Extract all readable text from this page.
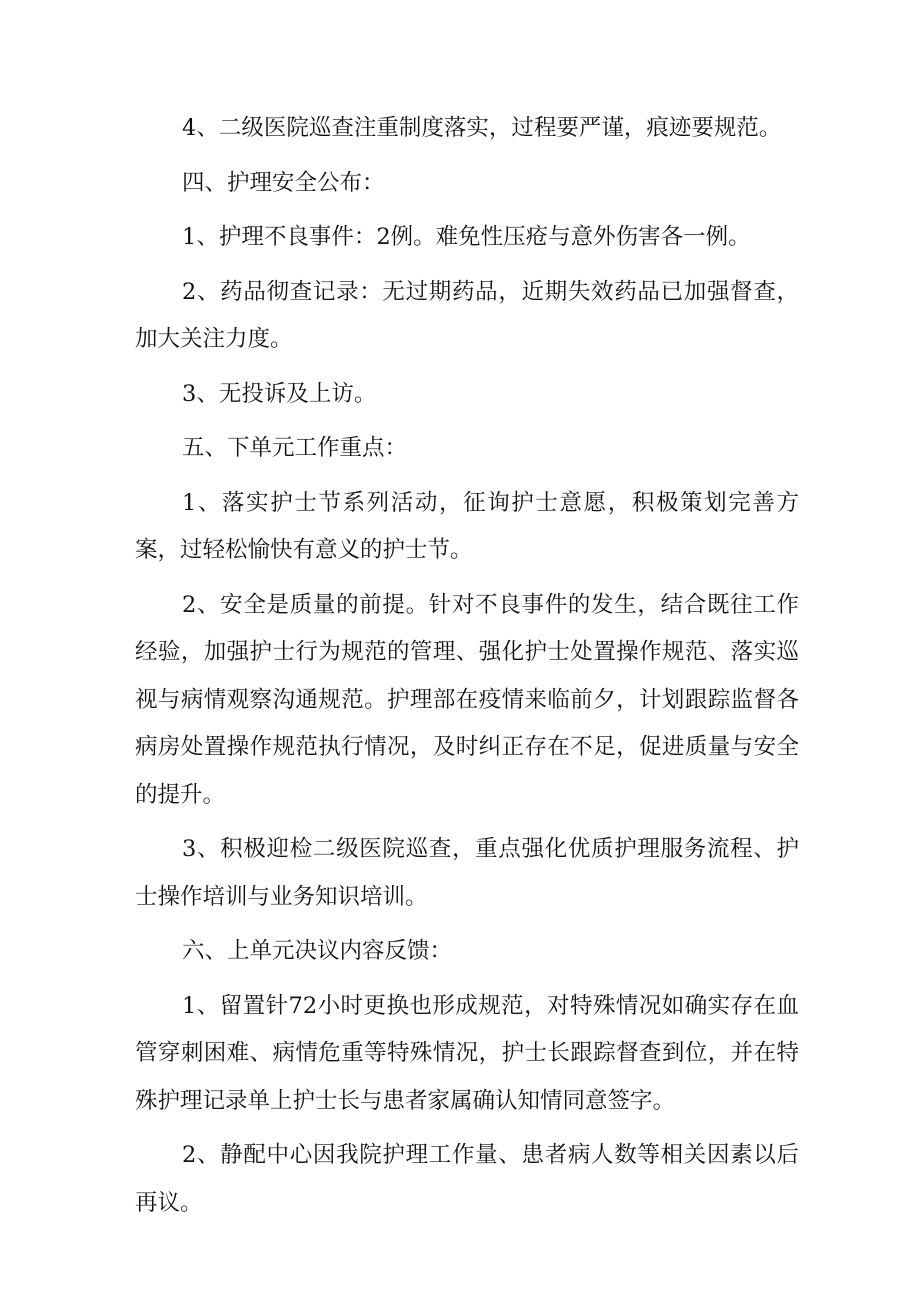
4、二级医院巡查注重制度落实，过程要严谨，痕迹要规范。

四、护理安全公布：

1、护理不良事件：2例。难免性压疮与意外伤害各一例。

2、药品彻查记录：无过期药品，近期失效药品已加强督查，加大关注力度。

3、无投诉及上访。

五、下单元工作重点：

1、落实护士节系列活动，征询护士意愿，积极策划完善方案，过轻松愉快有意义的护士节。

2、安全是质量的前提。针对不良事件的发生，结合既往工作经验，加强护士行为规范的管理、强化护士处置操作规范、落实巡视与病情观察沟通规范。护理部在疫情来临前夕，计划跟踪监督各病房处置操作规范执行情况，及时纠正存在不足，促进质量与安全的提升。

3、积极迎检二级医院巡查，重点强化优质护理服务流程、护士操作培训与业务知识培训。

六、上单元决议内容反馈：

1、留置针72小时更换也形成规范，对特殊情况如确实存在血管穿刺困难、病情危重等特殊情况，护士长跟踪督查到位，并在特殊护理记录单上护士长与患者家属确认知情同意签字。

2、静配中心因我院护理工作量、患者病人数等相关因素以后再议。
